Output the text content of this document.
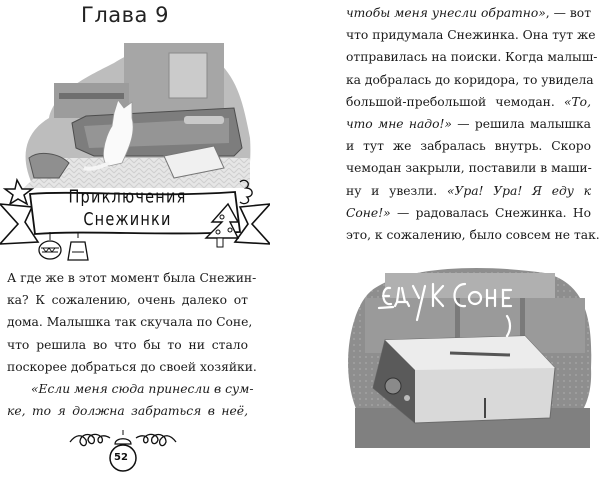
Глава 9
Приключения Снежинки
А где же в этот момент была Снежин-
ка? К сожалению, очень далеко от
дома. Малышка так скучала по Соне,
что решила во что бы то ни стало
поскорее добраться до своей хозяйки.
«Если меня сюда принесли в сум-
ке, то я должна забраться в неё,
52
чтобы меня унесли обратно», — вот
что придумала Снежинка. Она тут же
отправилась на поиски. Когда малыш-
ка добралась до коридора, то увидела
большой-пребольшой чемодан. «То,
что мне надо!» — решила малышка
и тут же забралась внутрь. Скоро
чемодан закрыли, поставили в маши-
ну и увезли. «Ура! Ура! Я еду к
Соне!» — радовалась Снежинка. Но
это, к сожалению, было совсем не так.
